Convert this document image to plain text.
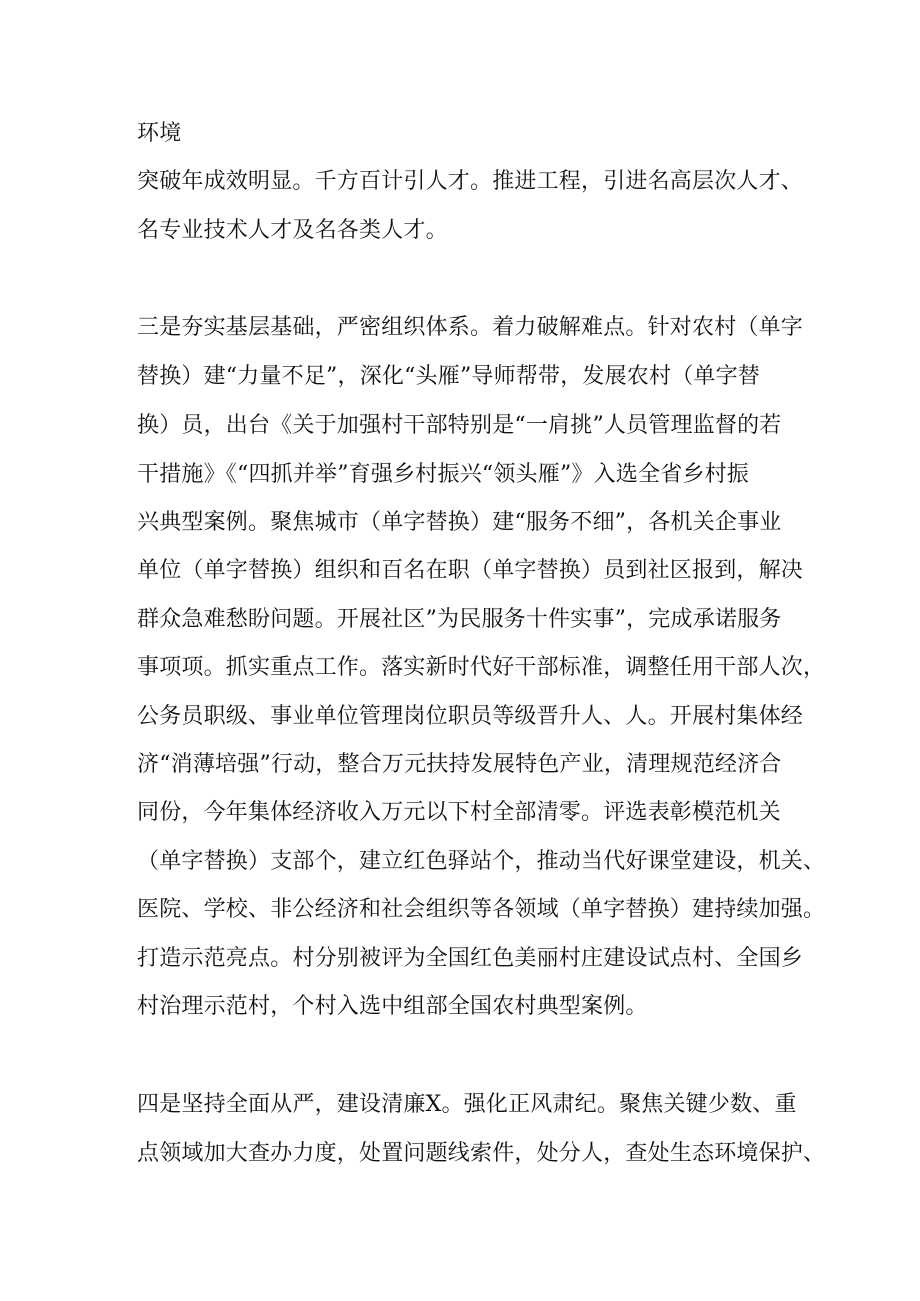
环境
突破年成效明显。千方百计引人才。推进工程，引进名高层次人才、
名专业技术人才及名各类人才。
三是夯实基层基础，严密组织体系。着力破解难点。针对农村（单字
替换）建“力量不足”，深化“头雁”导师帮带，发展农村（单字替
换）员，出台《关于加强村干部特别是“一肩挑”人员管理监督的若
干措施》《“四抓并举”育强乡村振兴“领头雁”》入选全省乡村振
兴典型案例。聚焦城市（单字替换）建“服务不细”，各机关企事业
单位（单字替换）组织和百名在职（单字替换）员到社区报到，解决
群众急难愁盼问题。开展社区”为民服务十件实事”，完成承诺服务
事项项。抓实重点工作。落实新时代好干部标准，调整任用干部人次，
公务员职级、事业单位管理岗位职员等级晋升人、人。开展村集体经
济“消薄培强”行动，整合万元扶持发展特色产业，清理规范经济合
同份，今年集体经济收入万元以下村全部清零。评选表彰模范机关
（单字替换）支部个，建立红色驿站个，推动当代好课堂建设，机关、
医院、学校、非公经济和社会组织等各领域（单字替换）建持续加强。
打造示范亮点。村分别被评为全国红色美丽村庄建设试点村、全国乡
村治理示范村，个村入选中组部全国农村典型案例。
四是坚持全面从严，建设清廉X。强化正风肃纪。聚焦关键少数、重
点领域加大查办力度，处置问题线索件，处分人，查处生态环境保护、
